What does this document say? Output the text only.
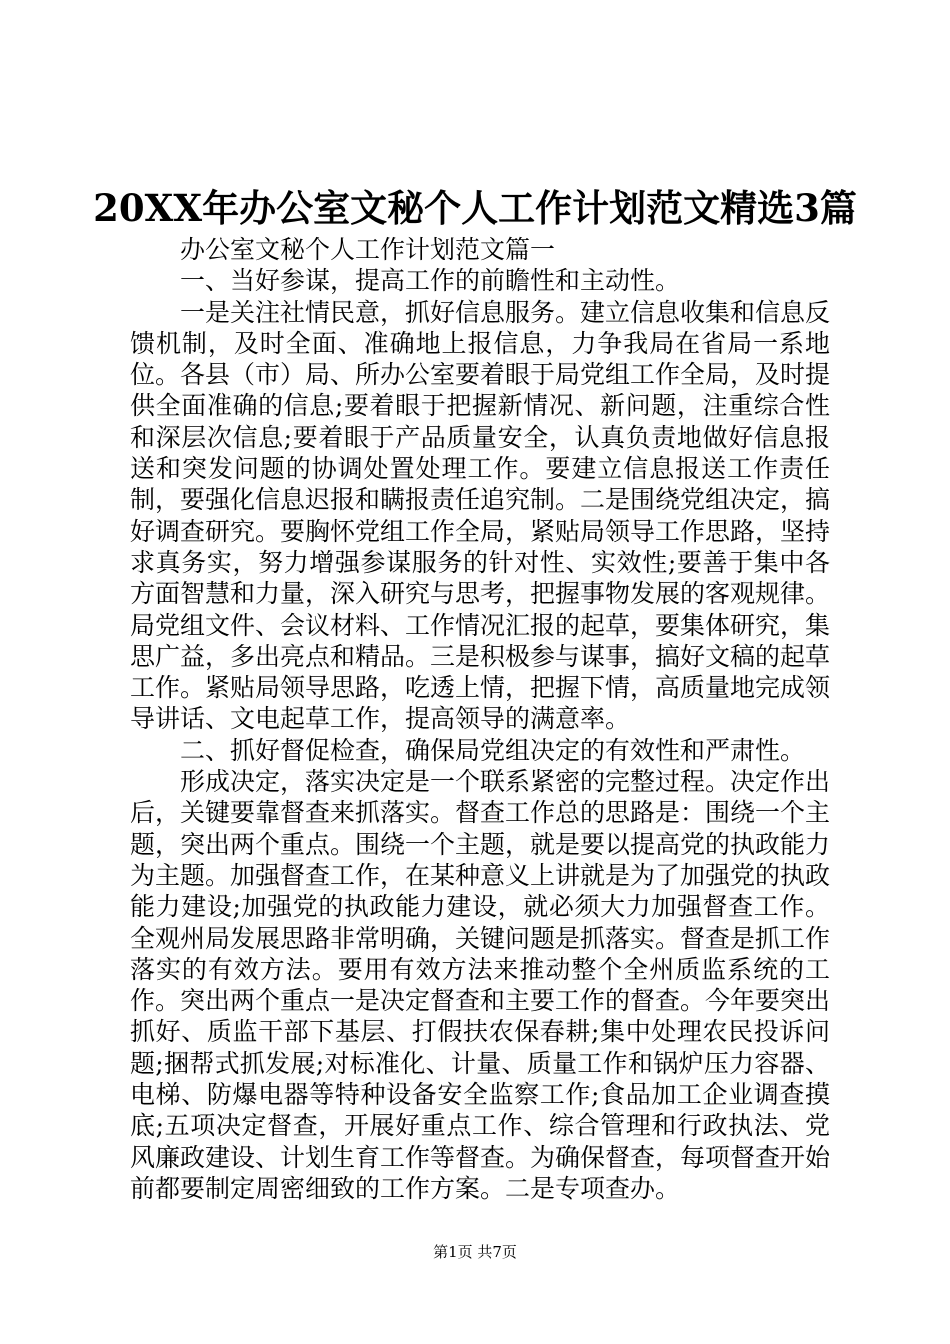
20XX年办公室文秘个人工作计划范文精选3篇

办公室文秘个人工作计划范文篇一

一、当好参谋，提高工作的前瞻性和主动性。

一是关注社情民意，抓好信息服务。建立信息收集和信息反馈机制，及时全面、准确地上报信息，力争我局在省局一系地位。各县（市）局、所办公室要着眼于局党组工作全局，及时提供全面准确的信息;要着眼于把握新情况、新问题，注重综合性和深层次信息;要着眼于产品质量安全，认真负责地做好信息报送和突发问题的协调处置处理工作。要建立信息报送工作责任制，要强化信息迟报和瞒报责任追究制。二是围绕党组决定，搞好调查研究。要胸怀党组工作全局，紧贴局领导工作思路，坚持求真务实，努力增强参谋服务的针对性、实效性;要善于集中各方面智慧和力量，深入研究与思考，把握事物发展的客观规律。局党组文件、会议材料、工作情况汇报的起草，要集体研究，集思广益，多出亮点和精品。三是积极参与谋事，搞好文稿的起草工作。紧贴局领导思路，吃透上情，把握下情，高质量地完成领导讲话、文电起草工作，提高领导的满意率。

二、抓好督促检查，确保局党组决定的有效性和严肃性。

形成决定，落实决定是一个联系紧密的完整过程。决定作出后，关键要靠督查来抓落实。督查工作总的思路是：围绕一个主题，突出两个重点。围绕一个主题，就是要以提高党的执政能力为主题。加强督查工作，在某种意义上讲就是为了加强党的执政能力建设;加强党的执政能力建设，就必须大力加强督查工作。全观州局发展思路非常明确，关键问题是抓落实。督查是抓工作落实的有效方法。要用有效方法来推动整个全州质监系统的工作。突出两个重点一是决定督查和主要工作的督查。今年要突出抓好、质监干部下基层、打假扶农保春耕;集中处理农民投诉问题;捆帮式抓发展;对标准化、计量、质量工作和锅炉压力容器、电梯、防爆电器等特种设备安全监察工作;食品加工企业调查摸底;五项决定督查，开展好重点工作、综合管理和行政执法、党风廉政建设、计划生育工作等督查。为确保督查，每项督查开始前都要制定周密细致的工作方案。二是专项查办。

第1页 共7页
